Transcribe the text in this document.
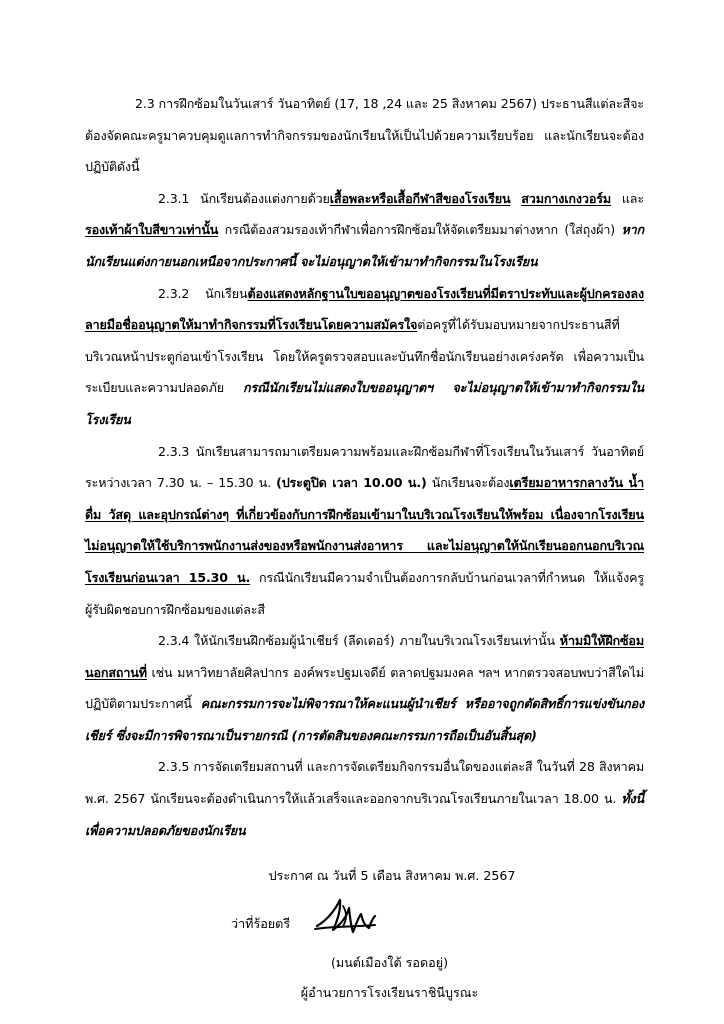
2.3 การฝึกซ้อมในวันเสาร์ วันอาทิตย์ (17, 18 ,24 และ 25 สิงหาคม 2567) ประธานสีแต่ละสีจะต้องจัดคณะครูมาควบคุมดูแลการทำกิจกรรมของนักเรียนให้เป็นไปด้วยความเรียบร้อย และนักเรียนจะต้องปฏิบัติดังนี้

2.3.1 นักเรียนต้องแต่งกายด้วยเสื้อพละหรือเสื้อกีฬาสีของโรงเรียน สวมกางเกงวอร์ม และ รองเท้าผ้าใบสีขาวเท่านั้น กรณีต้องสวมรองเท้ากีฬาเพื่อการฝึกซ้อมให้จัดเตรียมมาต่างหาก (ใส่ถุงผ้า) หากนักเรียนแต่งกายนอกเหนือจากประกาศนี้ จะไม่อนุญาตให้เข้ามาทำกิจกรรมในโรงเรียน

2.3.2 นักเรียนต้องแสดงหลักฐานใบขออนุญาตของโรงเรียนที่มีตราประทับและผู้ปกครองลงลายมือชื่ออนุญาตให้มาทำกิจกรรมที่โรงเรียนโดยความสมัครใจต่อครูที่ได้รับมอบหมายจากประธานสีที่บริเวณหน้าประตูก่อนเข้าโรงเรียน โดยให้ครูตรวจสอบและบันทึกชื่อนักเรียนอย่างเคร่งครัด เพื่อความเป็นระเบียบและความปลอดภัย กรณีนักเรียนไม่แสดงใบขออนุญาตฯ จะไม่อนุญาตให้เข้ามาทำกิจกรรมในโรงเรียน

2.3.3 นักเรียนสามารถมาเตรียมความพร้อมและฝึกซ้อมกีฬาที่โรงเรียนในวันเสาร์ วันอาทิตย์ ระหว่างเวลา 7.30 น. – 15.30 น. (ประตูปิด เวลา 10.00 น.) นักเรียนจะต้องเตรียมอาหารกลางวัน น้ำดื่ม วัสดุ และอุปกรณ์ต่างๆ ที่เกี่ยวข้องกับการฝึกซ้อมเข้ามาในบริเวณโรงเรียนให้พร้อม เนื่องจากโรงเรียนไม่อนุญาตให้ใช้บริการพนักงานส่งของหรือพนักงานส่งอาหาร และไม่อนุญาตให้นักเรียนออกนอกบริเวณโรงเรียนก่อนเวลา 15.30 น. กรณีนักเรียนมีความจำเป็นต้องการกลับบ้านก่อนเวลาที่กำหนด ให้แจ้งครูผู้รับผิดชอบการฝึกซ้อมของแต่ละสี

2.3.4 ให้นักเรียนฝึกซ้อมผู้นำเชียร์ (ลีดเดอร์) ภายในบริเวณโรงเรียนเท่านั้น ห้ามมิให้ฝึกซ้อมนอกสถานที่ เช่น มหาวิทยาลัยศิลปากร องค์พระปฐมเจดีย์ ตลาดปฐมมงคล ฯลฯ หากตรวจสอบพบว่าสีใดไม่ปฏิบัติตามประกาศนี้ คณะกรรมการจะไม่พิจารณาให้คะแนนผู้นำเชียร์ หรืออาจถูกตัดสิทธิ์การแข่งขันกองเชียร์ ซึ่งจะมีการพิจารณาเป็นรายกรณี (การตัดสินของคณะกรรมการถือเป็นอันสิ้นสุด)

2.3.5 การจัดเตรียมสถานที่ และการจัดเตรียมกิจกรรมอื่นใดของแต่ละสี ในวันที่ 28 สิงหาคม พ.ศ. 2567 นักเรียนจะต้องดำเนินการให้แล้วเสร็จและออกจากบริเวณโรงเรียนภายในเวลา 18.00 น. ทั้งนี้เพื่อความปลอดภัยของนักเรียน

ประกาศ ณ วันที่ 5 เดือน สิงหาคม พ.ศ. 2567
ว่าที่ร้อยตรี
(มนต์เมืองใต้ รอดอยู่)
ผู้อำนวยการโรงเรียนราชินีบูรณะ
